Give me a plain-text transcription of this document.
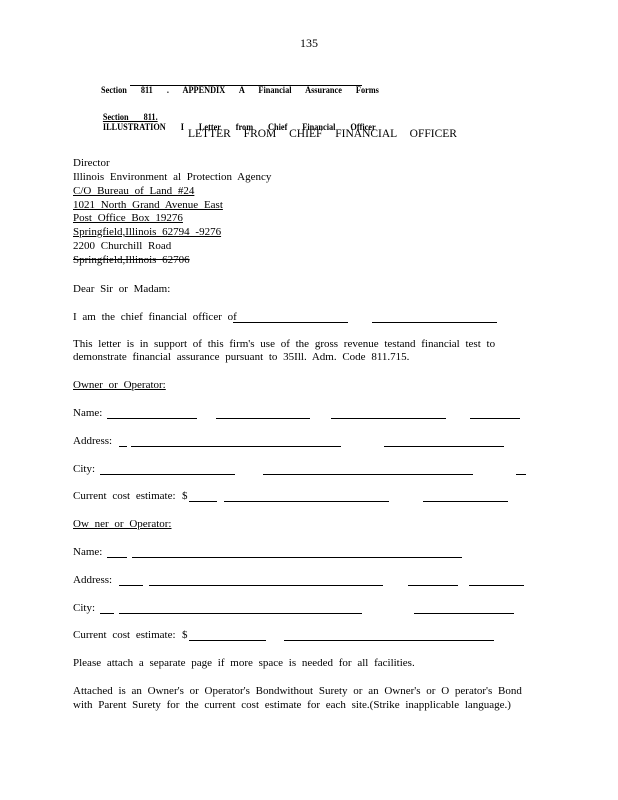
135

Section 811 . APPENDIX A Financial Assurance Forms

Section 811.
ILLUSTRATION I Letter from Chief Financial Officer

LETTER FROM CHIEF FINANCIAL OFFICER
Director
Illinois Environment al Protection Agency
C/O Bureau of Land #24
1021 North Grand Avenue East
Post Office Box 19276
Springfield,Illinois 62794 -9276
2200 Churchill Road
Springfield,Illinois 62706
Dear Sir or Madam:
I am the chief financial officer of
This letter is in support of this firm's use of the gross revenue testand financial test to
demonstrate financial assurance pursuant to 35Ill. Adm. Code 811.715.
Owner or Operator:
Name:
Address:
City:
Current cost estimate: $
Ow ner or Operator:
Name:
Address:
City:
Current cost estimate: $
Please attach a separate page if more space is needed for all facilities.
Attached is an Owner's or Operator's Bondwithout Surety or an Owner's or O perator's Bond
with Parent Surety for the current cost estimate for each site.(Strike inapplicable language.)
